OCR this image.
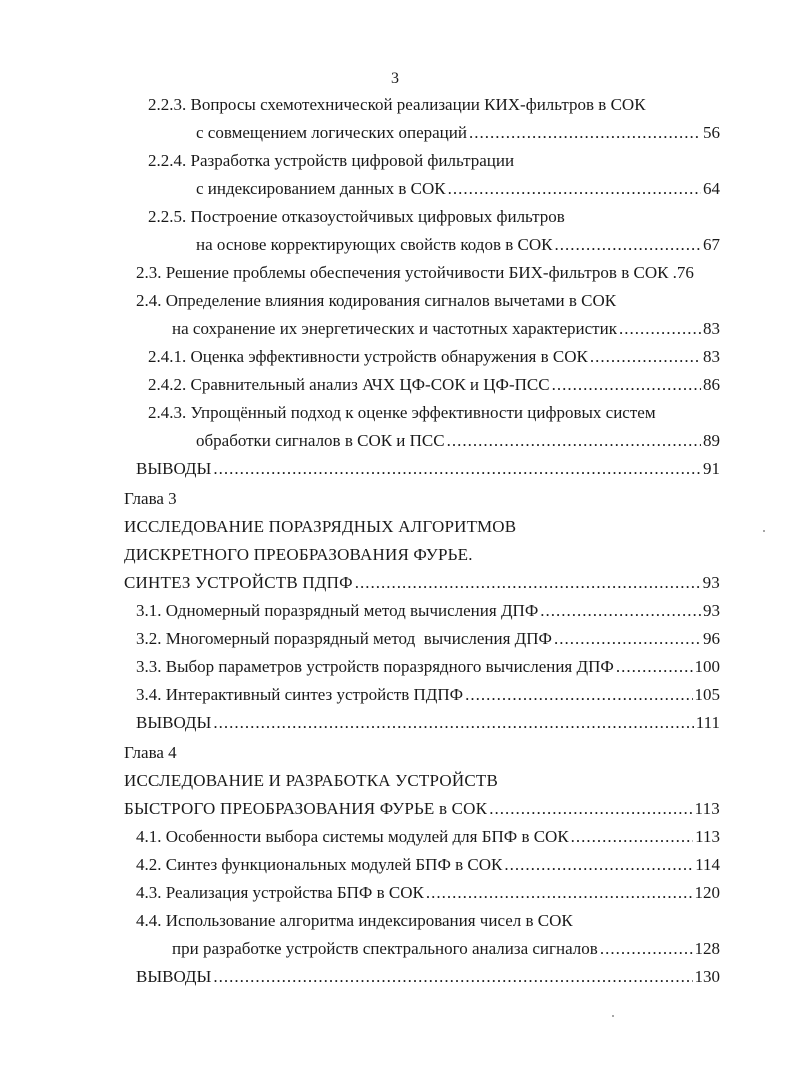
3
2.2.3. Вопросы схемотехнической реализации КИХ-фильтров в СОК
с совмещением логических операций .....	56
2.2.4. Разработка устройств цифровой фильтрации
с индексированием данных в СОК .....	64
2.2.5. Построение отказоустойчивых цифровых фильтров
на основе корректирующих свойств кодов в СОК .....	67
2.3. Решение проблемы обеспечения устойчивости БИХ-фильтров в СОК .76
2.4. Определение влияния кодирования сигналов вычетами в СОК
на сохранение их энергетических и частотных характеристик .....	83
2.4.1. Оценка эффективности устройств обнаружения в СОК .....	83
2.4.2. Сравнительный анализ АЧХ ЦФ-СОК и ЦФ-ПСС .....	86
2.4.3. Упрощённый подход к оценке эффективности цифровых систем
обработки сигналов в СОК и ПСС .....	89
ВЫВОДЫ .....	91
Глава 3
ИССЛЕДОВАНИЕ ПОРАЗРЯДНЫХ АЛГОРИТМОВ
ДИСКРЕТНОГО ПРЕОБРАЗОВАНИЯ ФУРЬЕ.
СИНТЕЗ УСТРОЙСТВ ПДПФ .....	93
3.1. Одномерный поразрядный метод вычисления ДПФ .....	93
3.2. Многомерный поразрядный метод  вычисления ДПФ .....	96
3.3. Выбор параметров устройств поразрядного вычисления ДПФ .....	100
3.4. Интерактивный синтез устройств ПДПФ .....	105
ВЫВОДЫ .....	111
Глава 4
ИССЛЕДОВАНИЕ И РАЗРАБОТКА УСТРОЙСТВ
БЫСТРОГО ПРЕОБРАЗОВАНИЯ ФУРЬЕ в СОК .....	113
4.1. Особенности выбора системы модулей для БПФ в СОК .....	113
4.2. Синтез функциональных модулей БПФ в СОК .....	114
4.3. Реализация устройства БПФ в СОК .....	120
4.4. Использование алгоритма индексирования чисел в СОК
при разработке устройств спектрального анализа сигналов .....	128
ВЫВОДЫ .....	130
